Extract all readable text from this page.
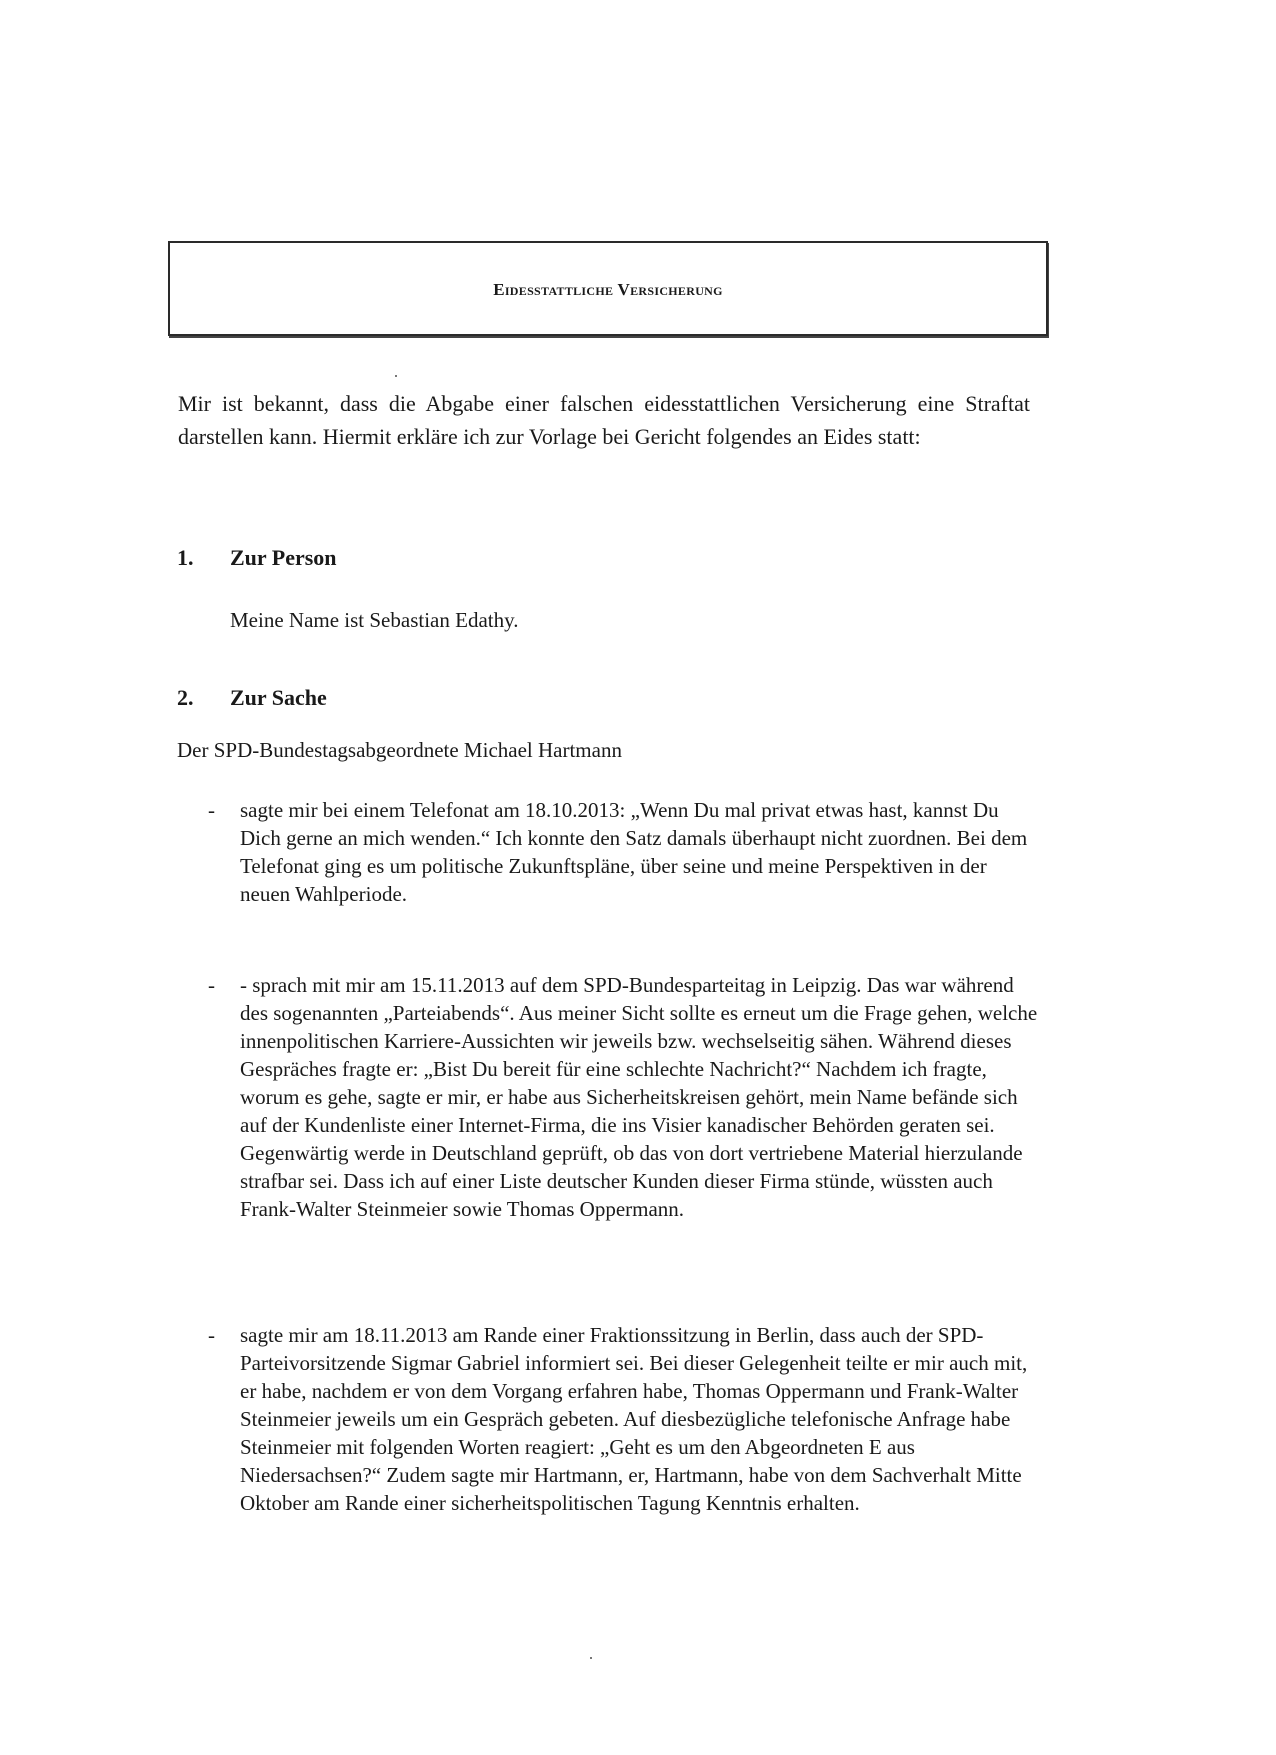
Eidesstattliche Versicherung
Mir ist bekannt, dass die Abgabe einer falschen eidesstattlichen Versicherung eine Straftat darstellen kann. Hiermit erkläre ich zur Vorlage bei Gericht folgendes an Eides statt:
1. Zur Person
Meine Name ist Sebastian Edathy.
2. Zur Sache
Der SPD-Bundestagsabgeordnete Michael Hartmann
-	sagte mir bei einem Telefonat am 18.10.2013: „Wenn Du mal privat etwas hast, kannst Du Dich gerne an mich wenden.“ Ich konnte den Satz damals überhaupt nicht zuordnen. Bei dem Telefonat ging es um politische Zukunftspläne, über seine und meine Perspektiven in der neuen Wahlperiode.
-	- sprach mit mir am 15.11.2013 auf dem SPD-Bundesparteitag in Leipzig. Das war während des sogenannten „Parteiabends“. Aus meiner Sicht sollte es erneut um die Frage gehen, welche innenpolitischen Karriere-Aussichten wir jeweils bzw. wechselseitig sähen. Während dieses Gespräches fragte er: „Bist Du bereit für eine schlechte Nachricht?“ Nachdem ich fragte, worum es gehe, sagte er mir, er habe aus Sicherheitskreisen gehört, mein Name befände sich auf der Kundenliste einer Internet-Firma, die ins Visier kanadischer Behörden geraten sei. Gegenwärtig werde in Deutschland geprüft, ob das von dort vertriebene Material hierzulande strafbar sei. Dass ich auf einer Liste deutscher Kunden dieser Firma stünde, wüssten auch Frank-Walter Steinmeier sowie Thomas Oppermann.
-	sagte mir am 18.11.2013 am Rande einer Fraktionssitzung in Berlin, dass auch der SPD-Parteivorsitzende Sigmar Gabriel informiert sei. Bei dieser Gelegenheit teilte er mir auch mit, er habe, nachdem er von dem Vorgang erfahren habe, Thomas Oppermann und Frank-Walter Steinmeier jeweils um ein Gespräch gebeten. Auf diesbezügliche telefonische Anfrage habe Steinmeier mit folgenden Worten reagiert: „Geht es um den Abgeordneten E aus Niedersachsen?“ Zudem sagte mir Hartmann, er, Hartmann, habe von dem Sachverhalt Mitte Oktober am Rande einer sicherheitspolitischen Tagung Kenntnis erhalten.
